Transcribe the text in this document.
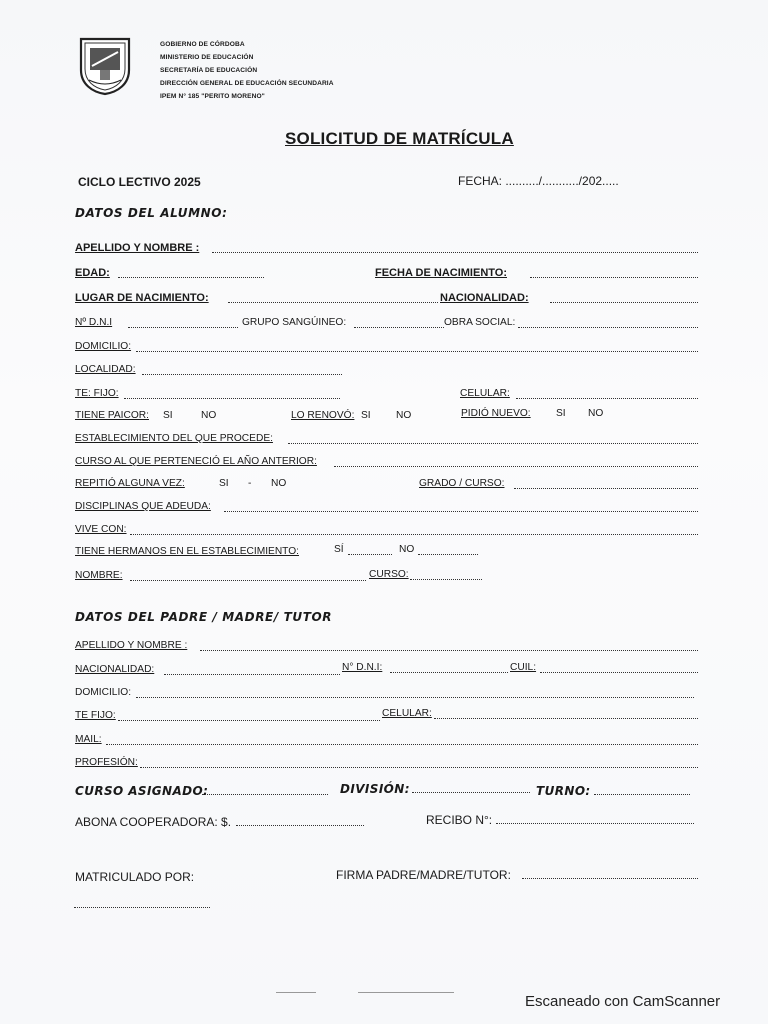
GOBIERNO DE CÓRDOBA
MINISTERIO DE EDUCACIÓN
SECRETARÍA DE EDUCACIÓN
DIRECCIÓN GENERAL DE EDUCACIÓN SECUNDARIA
IPEM N° 185 "PERITO MORENO"
SOLICITUD DE MATRÍCULA
CICLO LECTIVO 2025	FECHA: ........../.........../202.....
DATOS DEL ALUMNO:
APELLIDO Y NOMBRE :
EDAD:	FECHA DE NACIMIENTO:
LUGAR DE NACIMIENTO:	NACIONALIDAD:
Nº D.N.I	GRUPO SANGÚINEO:	OBRA SOCIAL:
DOMICILIO:
LOCALIDAD:
TE: FIJO:	CELULAR:
TIENE PAICOR: SI	NO	LO RENOVÓ: SI NO	PIDIÓ NUEVO: SI NO
ESTABLECIMIENTO DEL QUE PROCEDE:
CURSO AL QUE PERTENECIÓ EL AÑO ANTERIOR:
REPITIÓ ALGUNA VEZ:	SI - NO	GRADO / CURSO:
DISCIPLINAS QUE ADEUDA:
VIVE CON:
TIENE HERMANOS EN EL ESTABLECIMIENTO:	SÍ	NO
NOMBRE:	CURSO:
DATOS DEL PADRE / MADRE/ TUTOR
APELLIDO Y NOMBRE :
NACIONALIDAD:	N° D.N.I:	CUIL:
DOMICILIO:
TE FIJO:	CELULAR:
MAIL:
PROFESIÓN:
CURSO ASIGNADO:	DIVISIÓN:	TURNO:
ABONA COOPERADORA: $.	RECIBO N°:
MATRICULADO POR:	FIRMA PADRE/MADRE/TUTOR:
Escaneado con CamScanner
